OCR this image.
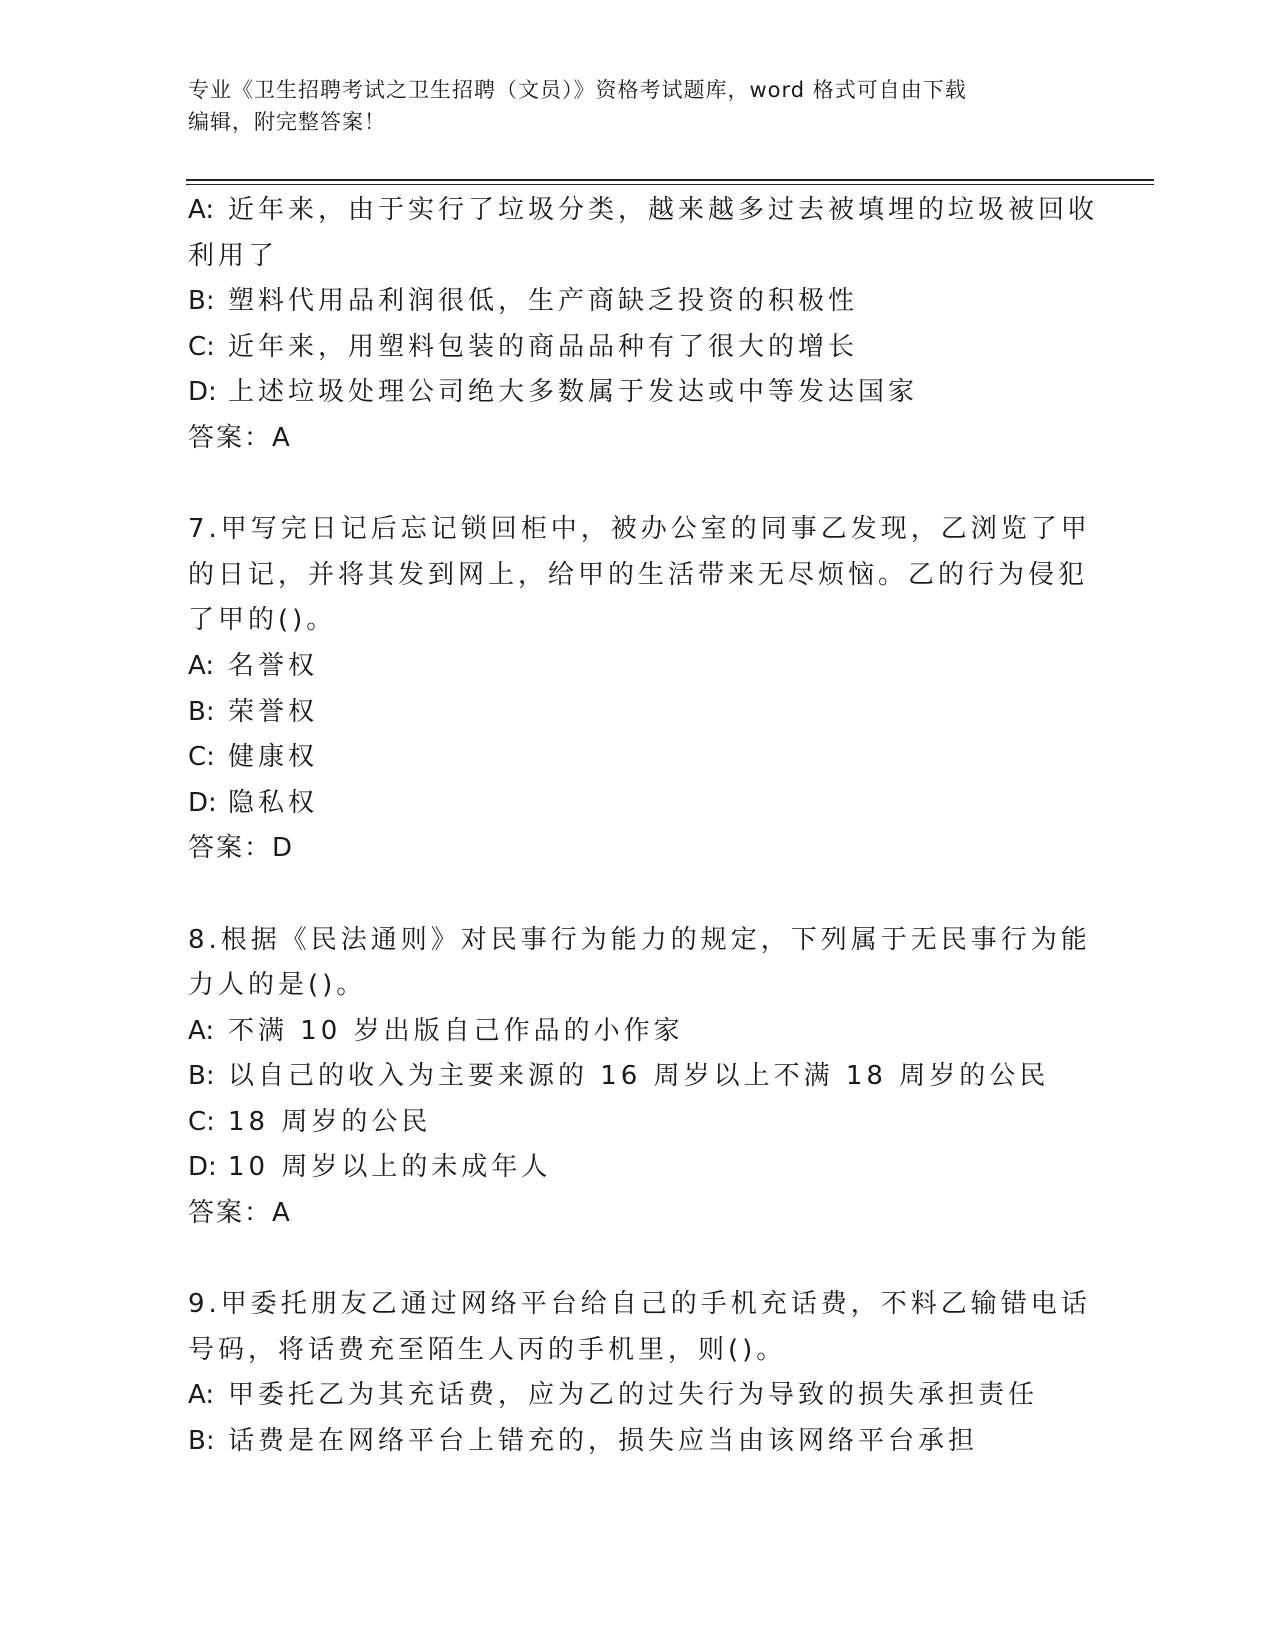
专业《卫生招聘考试之卫生招聘（文员）》资格考试题库，word 格式可自由下载
编辑，附完整答案！
A: 近年来，由于实行了垃圾分类，越来越多过去被填埋的垃圾被回收
利用了
B: 塑料代用品利润很低，生产商缺乏投资的积极性
C: 近年来，用塑料包装的商品品种有了很大的增长
D: 上述垃圾处理公司绝大多数属于发达或中等发达国家
答案：A
7.甲写完日记后忘记锁回柜中，被办公室的同事乙发现，乙浏览了甲
的日记，并将其发到网上，给甲的生活带来无尽烦恼。乙的行为侵犯
了甲的()。
A: 名誉权
B: 荣誉权
C: 健康权
D: 隐私权
答案：D
8.根据《民法通则》对民事行为能力的规定，下列属于无民事行为能
力人的是()。
A: 不满 10 岁出版自己作品的小作家
B: 以自己的收入为主要来源的 16 周岁以上不满 18 周岁的公民
C: 18 周岁的公民
D: 10 周岁以上的未成年人
答案：A
9.甲委托朋友乙通过网络平台给自己的手机充话费，不料乙输错电话
号码，将话费充至陌生人丙的手机里，则()。
A: 甲委托乙为其充话费，应为乙的过失行为导致的损失承担责任
B: 话费是在网络平台上错充的，损失应当由该网络平台承担
